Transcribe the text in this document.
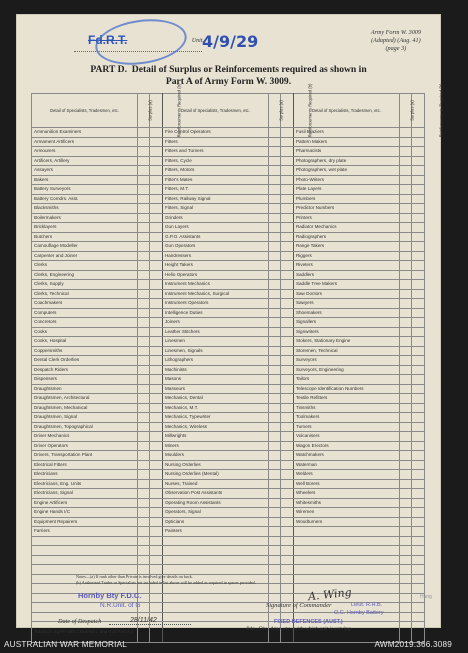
Fd.R.T.	Unit.
4/9/29	Army Form W. 3009
(Adapted) (Aug. 41)
(page 3)
PART D. Detail of Surplus or Reinforcements required as shown in
Part A of Army Form W. 3009.
Detail of Specialists, Tradesmen, etc.	Surplus (a)	Reinforcements Required (b)	Detail of Specialists, Tradesmen, etc.	Surplus (a)	Reinforcements Required (b)	Detail of Specialists, Tradesmen, etc.	Surplus (a)	Reinforcements Required (b)
Ammunition Examiners			Fire Control Operators			Fusil Braziers		
Armament Artificers			Fitters			Pattern Makers		
Armourers			Fitters and Turners			Pharmacists		
Artificers, Artillery			Fitters, Cycle			Photographers, dry plate		
Assayers			Fitters, Motors			Photographers, wet plate		
Bakers			Fitter's Mates			Photo-Writers		
Battery Surveyors			Fitters, M.T.			Plate Layers		
Battery Comdrs. Asst.			Fitters, Railway Signal			Plumbers		
Blacksmiths			Fitters, Signal			Predictor Numbers		
Boilermakers			Grinders			Printers		
Bricklayers			Gun Layers			Radiator Mechanics		
Butchers			G.P.O. Assistants			Radiographers		
Camouflage Modeller			Gun Operators			Range Takers		
Carpenter and Joiner			Hairdressers			Riggers		
Clerks			Height Takers			Riveters		
Clerks, Engineering			Helio Operators			Saddlers		
Clerks, Supply			Instrument Mechanics			Saddle Tree Makers		
Clerks, Technical			Instrument Mechanics, Surgical			Saw Doctors		
Coachmakers			Instrument Operators			Sawyers		
Computers			Intelligence Duties			Shoemakers		
Concretors			Joiners			Signallers		
Cooks			Leather Stitchers			Signwriters		
Cooks, Hospital			Linesmen			Stokers, Stationary Engine		
Coppersmiths			Linesmen, Signals			Storemen, Technical		
Dental Clerk Orderlies			Lithographers			Surveyors		
Despatch Riders			Machinists			Surveyors, Engineering		
Dispensers			Masons			Tailors		
Draughtsmen			Masseurs			Telescope Identification Numbers		
Draughtsmen, Architectural			Mechanics, Dental			Textile Refitters		
Draughtsmen, Mechanical			Mechanics, M.T.			Tinsmiths		
Draughtsmen, Signal			Mechanics, Typewriter			Toolmakers		
Draughtsmen, Topographical			Mechanics, Wireless			Turners		
Driver Mechanics			Millwrights			Vulcanisers		
Driver Operators			Miners			Wagon Erectors		
Drivers, Transportation Plant			Moulders			Watchmakers		
Electrical Fitters			Nursing Orderlies			Waterman		
Electricians			Nursing Orderlies (Mental)			Welders		
Electricians, Eng. Units			Nurses, Trained			Well Borers		
Electricians, Signal			Observation Post Assistants			Wheelers		
Engine Artificers			Operating Room Assistants			Whitesmiths		
Engine Hands I/C			Operators, Signal			Wiremen		
Equipment Repairers			Opticians			Woodturners		
Farriers			Painters					

Totals (to agree with Columns 1 and 4 of Part A.)								
Notes—(a) If rank other than Private is involved give details on back.
(b) Authorised Trades or Specialists not included in list above will be added as required in spaces provided.
Hornby Bty F.D.C.
N.R.Unit. of G
Date of Despatch	28/11/42
A. Wing
Signature of Commander	Lieut. R.H.B.
O.C. Hornby Battery
FIXED DEFENCES (AUST.)
Bde., Div., Area, etc., with which unit is serving.
Hang
AUSTRALIAN WAR MEMORIAL	AWM2019.366.3089
